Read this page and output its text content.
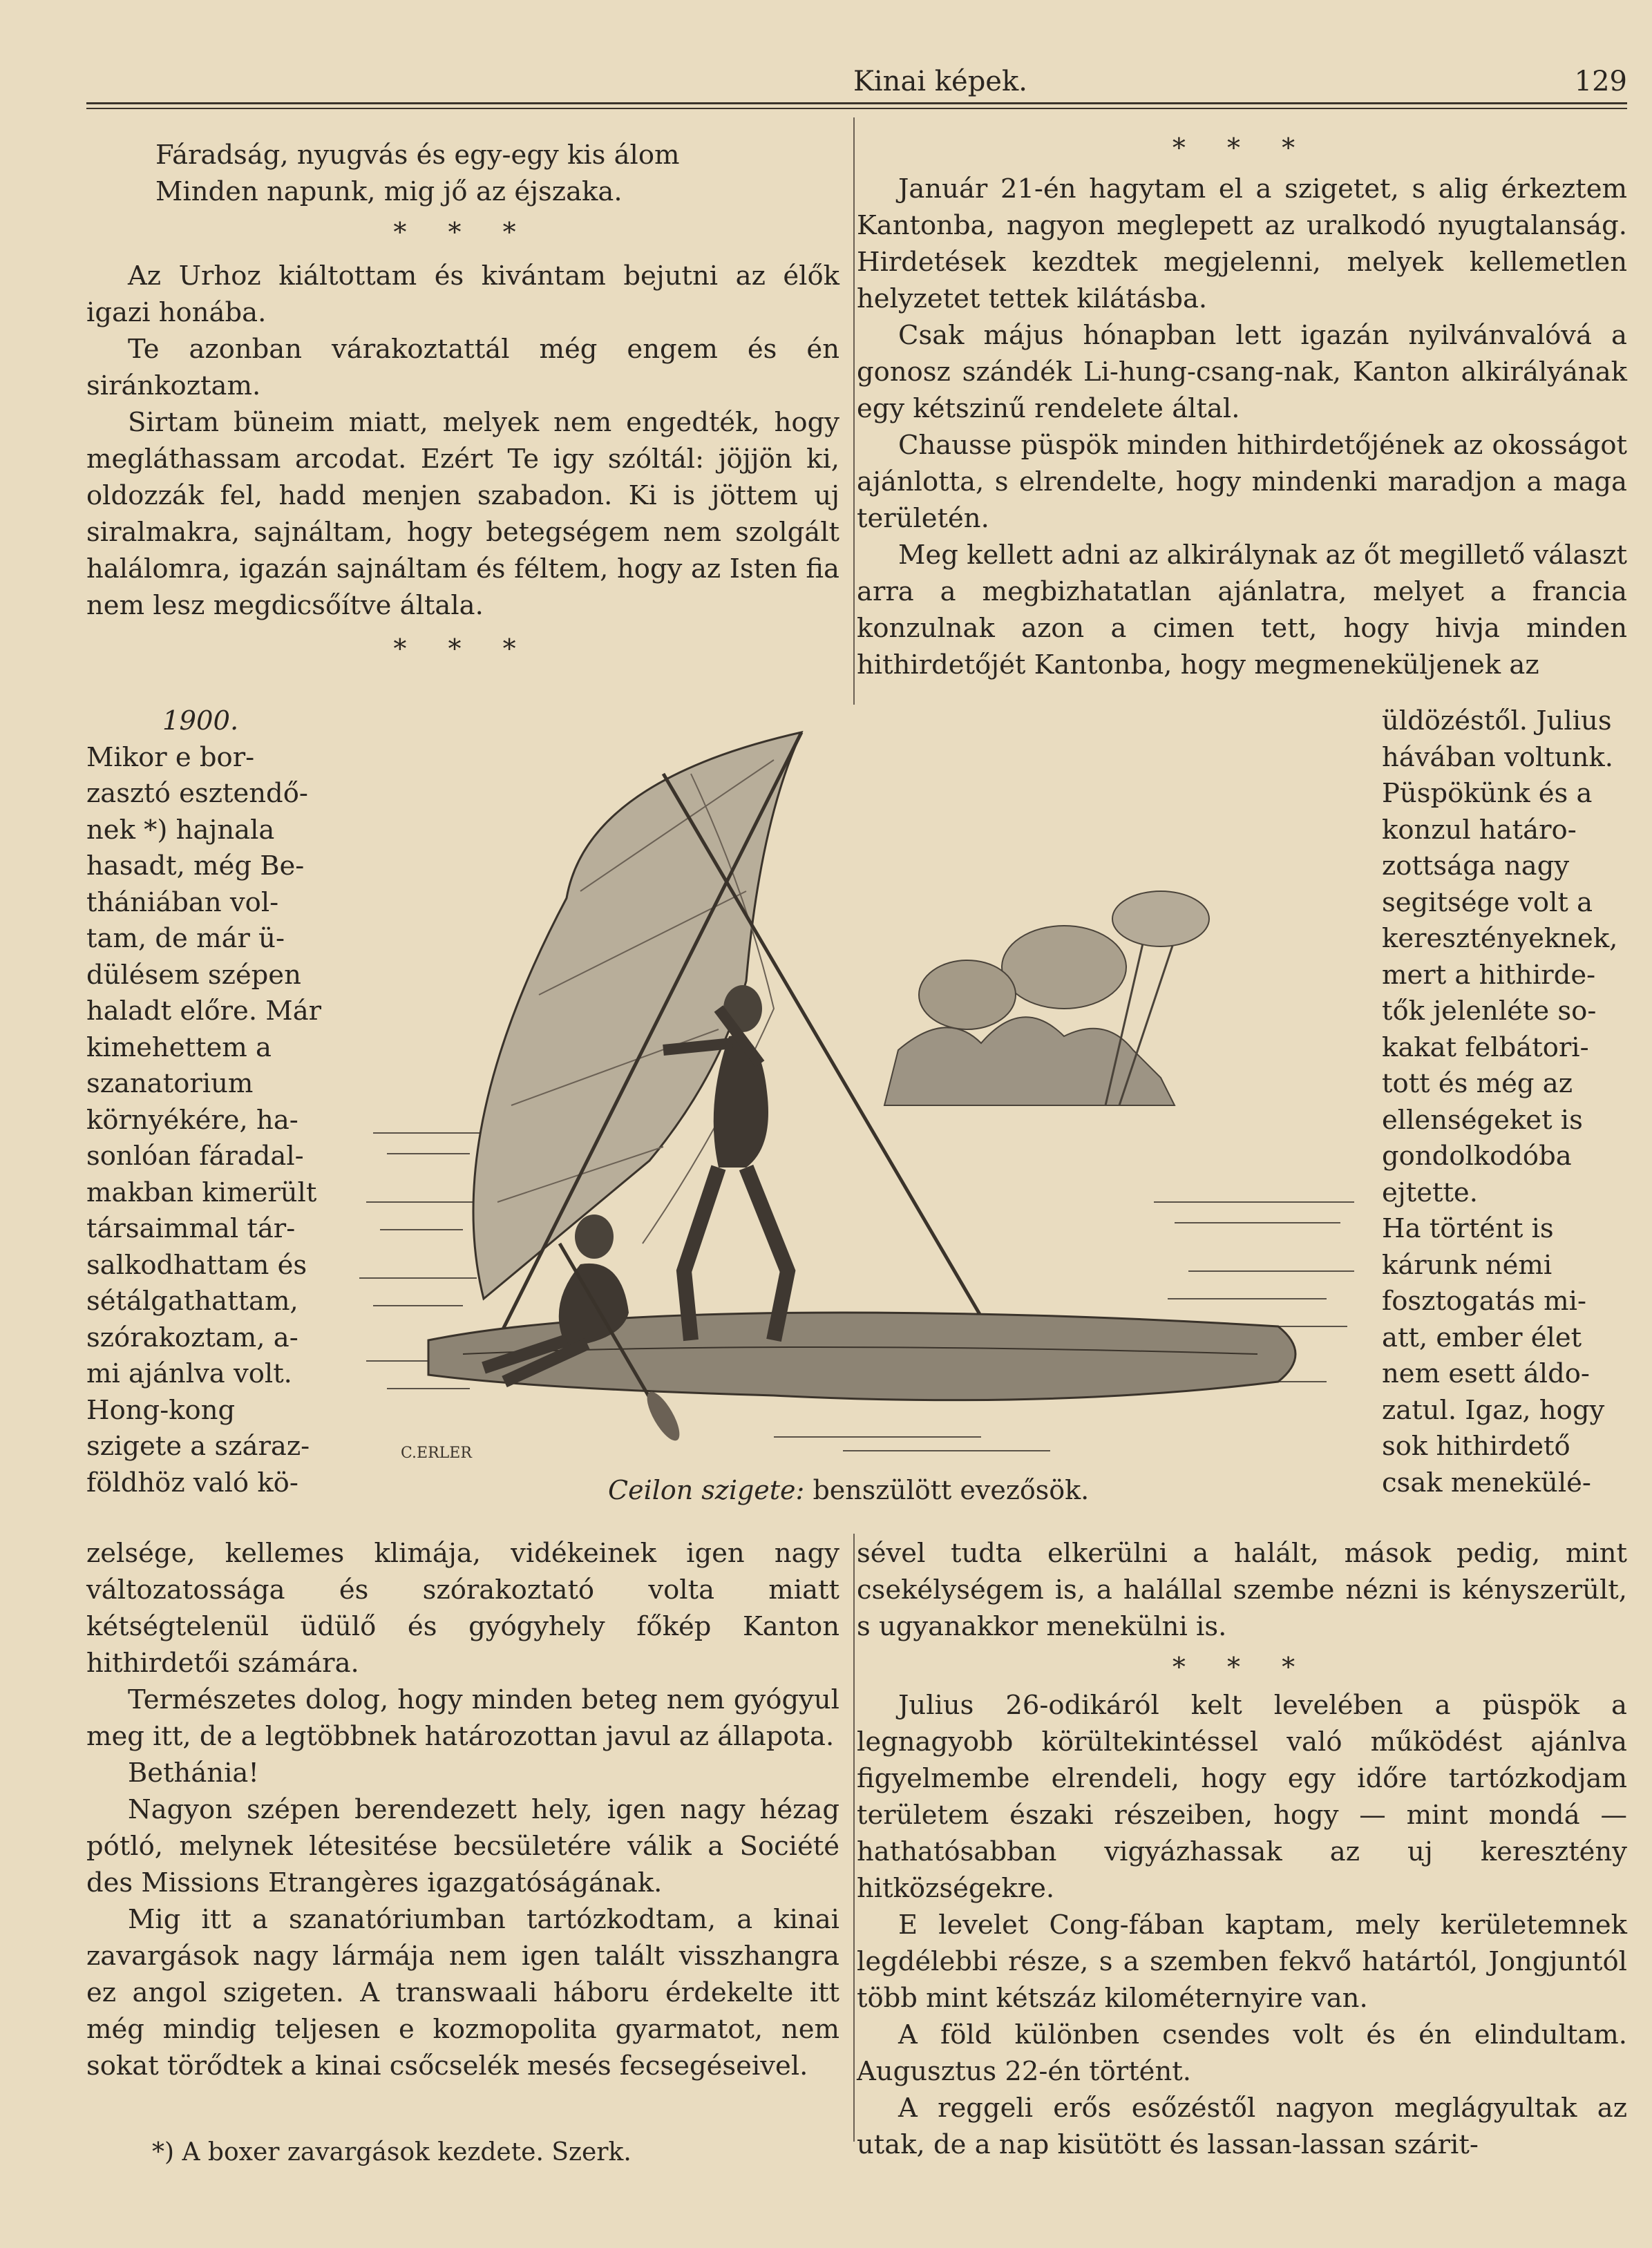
Kinai képek.	129

Fáradság, nyugvás és egy-egy kis álom

Minden napunk, mig jő az éjszaka.

* * *

Az Urhoz kiáltottam és kivántam bejutni az élők igazi honába.

Te azonban várakoztattál még engem és én siránkoztam.

Sirtam büneim miatt, melyek nem engedték, hogy megláthassam arcodat. Ezért Te igy szóltál: jöjjön ki, oldozzák fel, hadd menjen szabadon. Ki is jöttem uj siralmakra, sajnáltam, hogy betegségem nem szolgált halálomra, igazán sajnáltam és féltem, hogy az Isten fia nem lesz megdicsőítve általa.

* * *

1900.

Mikor e bor-

zasztó esztendő-

nek *) hajnala

hasadt, még Be-

thániában vol-

tam, de már ü-

dülésem szépen

haladt előre. Már

kimehettem a

szanatorium

környékére, ha-

sonlóan fáradal-

makban kimerült

társaimmal tár-

salkodhattam és

sétálgathattam,

szórakoztam, a-

mi ajánlva volt.

Hong-kong

szigete a száraz-

földhöz való kö-

* * *

Január 21-én hagytam el a szigetet, s alig érkeztem Kantonba, nagyon meglepett az uralkodó nyugtalanság. Hirdetések kezdtek megjelenni, melyek kellemetlen helyzetet tettek kilátásba.

Csak május hónapban lett igazán nyilvánvalóvá a gonosz szándék Li-hung-csang-nak, Kanton alkirályának egy kétszinű rendelete által.

Chausse püspök minden hithirdetőjének az okosságot ajánlotta, s elrendelte, hogy mindenki maradjon a maga területén.

Meg kellett adni az alkirálynak az őt megillető választ arra a megbizhatatlan ajánlatra, melyet a francia konzulnak azon a cimen tett, hogy hivja minden hithirdetőjét Kantonba, hogy megmeneküljenek az

üldözéstől. Julius

hávában voltunk.

Püspökünk és a

konzul határo-

zottsága nagy

segitsége volt a

keresztényeknek,

mert a hithirde-

tők jelenléte so-

kakat felbátori-

tott és még az

ellenségeket is

gondolkodóba

ejtette.

Ha történt is

kárunk némi

fosztogatás mi-

att, ember élet

nem esett áldo-

zatul. Igaz, hogy

sok hithirdető

csak menekülé-

C.ERLER
Ceilon szigete: benszülött evezősök.

zelsége, kellemes klimája, vidékeinek igen nagy változatossága és szórakoztató volta miatt kétségtelenül üdülő és gyógyhely főkép Kanton hithirdetői számára.

Természetes dolog, hogy minden beteg nem gyógyul meg itt, de a legtöbbnek határozottan javul az állapota.

Bethánia!

Nagyon szépen berendezett hely, igen nagy hézag pótló, melynek létesitése becsületére válik a Société des Missions Etrangères igazgatóságának.

Mig itt a szanatóriumban tartózkodtam, a kinai zavargások nagy lármája nem igen talált visszhangra ez angol szigeten. A transwaali háboru érdekelte itt még mindig teljesen e kozmopolita gyarmatot, nem sokat törődtek a kinai csőcselék mesés fecsegéseivel.

*) A boxer zavargások kezdete. Szerk.

sével tudta elkerülni a halált, mások pedig, mint csekélységem is, a halállal szembe nézni is kényszerült, s ugyanakkor menekülni is.

* * *

Julius 26-odikáról kelt levelében a püspök a legnagyobb körültekintéssel való működést ajánlva figyelmembe elrendeli, hogy egy időre tartózkodjam területem északi részeiben, hogy — mint mondá — hathatósabban vigyázhassak az uj keresztény hitközségekre.

E levelet Cong-fában kaptam, mely kerületemnek legdélebbi része, s a szemben fekvő határtól, Jongjuntól több mint kétszáz kilométernyire van.

A föld különben csendes volt és én elindultam. Augusztus 22-én történt.

A reggeli erős esőzéstől nagyon meglágyultak az utak, de a nap kisütött és lassan-lassan szárit-
